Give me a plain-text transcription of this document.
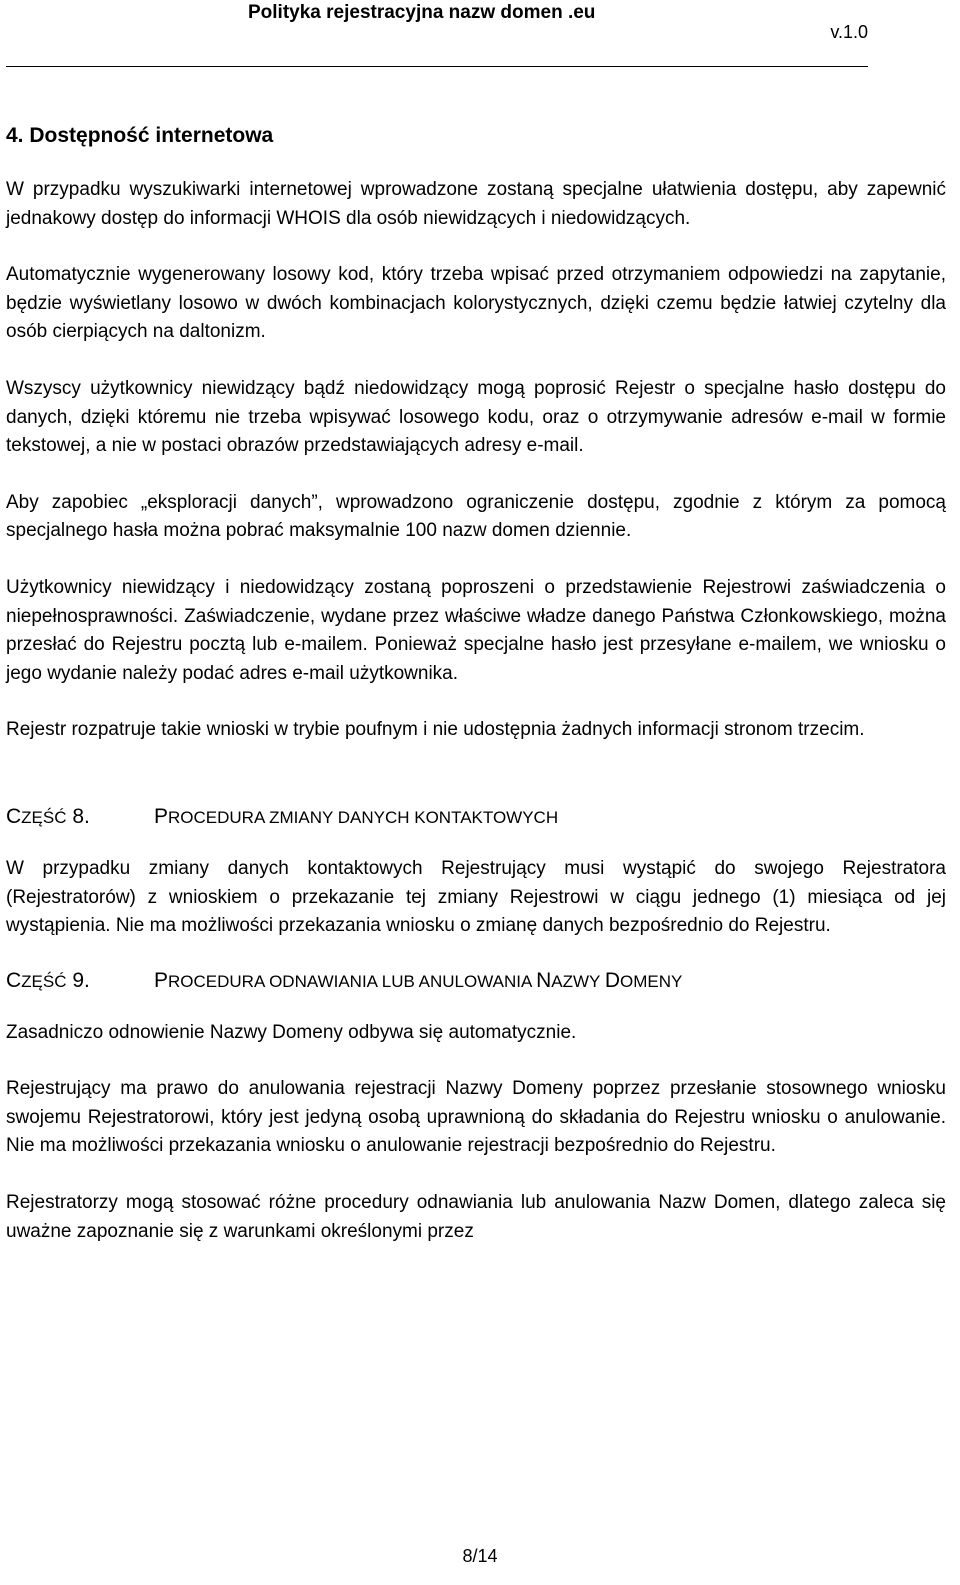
Polityka rejestracyjna nazw domen .eu
v.1.0
4. Dostępność internetowa

W przypadku wyszukiwarki internetowej wprowadzone zostaną specjalne ułatwienia dostępu, aby zapewnić jednakowy dostęp do informacji WHOIS dla osób niewidzących i niedowidzących.

Automatycznie wygenerowany losowy kod, który trzeba wpisać przed otrzymaniem odpowiedzi na zapytanie, będzie wyświetlany losowo w dwóch kombinacjach kolorystycznych, dzięki czemu będzie łatwiej czytelny dla osób cierpiących na daltonizm.

Wszyscy użytkownicy niewidzący bądź niedowidzący mogą poprosić Rejestr o specjalne hasło dostępu do danych, dzięki któremu nie trzeba wpisywać losowego kodu, oraz o otrzymywanie adresów e-mail w formie tekstowej, a nie w postaci obrazów przedstawiających adresy e-mail.

Aby zapobiec „eksploracji danych”, wprowadzono ograniczenie dostępu, zgodnie z którym za pomocą specjalnego hasła można pobrać maksymalnie 100 nazw domen dziennie.

Użytkownicy niewidzący i niedowidzący zostaną poproszeni o przedstawienie Rejestrowi zaświadczenia o niepełnosprawności. Zaświadczenie, wydane przez właściwe władze danego Państwa Członkowskiego, można przesłać do Rejestru pocztą lub e-mailem. Ponieważ specjalne hasło jest przesyłane e-mailem, we wniosku o jego wydanie należy podać adres e-mail użytkownika.

Rejestr rozpatruje takie wnioski w trybie poufnym i nie udostępnia żadnych informacji stronom trzecim.

CZĘŚĆ 8.	PROCEDURA ZMIANY DANYCH KONTAKTOWYCH

W przypadku zmiany danych kontaktowych Rejestrujący musi wystąpić do swojego Rejestratora (Rejestratorów) z wnioskiem o przekazanie tej zmiany Rejestrowi w ciągu jednego (1) miesiąca od jej wystąpienia. Nie ma możliwości przekazania wniosku o zmianę danych bezpośrednio do Rejestru.

CZĘŚĆ 9.	PROCEDURA ODNAWIANIA LUB ANULOWANIA NAZWY DOMENY

Zasadniczo odnowienie Nazwy Domeny odbywa się automatycznie.

Rejestrujący ma prawo do anulowania rejestracji Nazwy Domeny poprzez przesłanie stosownego wniosku swojemu Rejestratorowi, który jest jedyną osobą uprawnioną do składania do Rejestru wniosku o anulowanie. Nie ma możliwości przekazania wniosku o anulowanie rejestracji bezpośrednio do Rejestru.

Rejestratorzy mogą stosować różne procedury odnawiania lub anulowania Nazw Domen, dlatego zaleca się uważne zapoznanie się z warunkami określonymi przez

8/14
